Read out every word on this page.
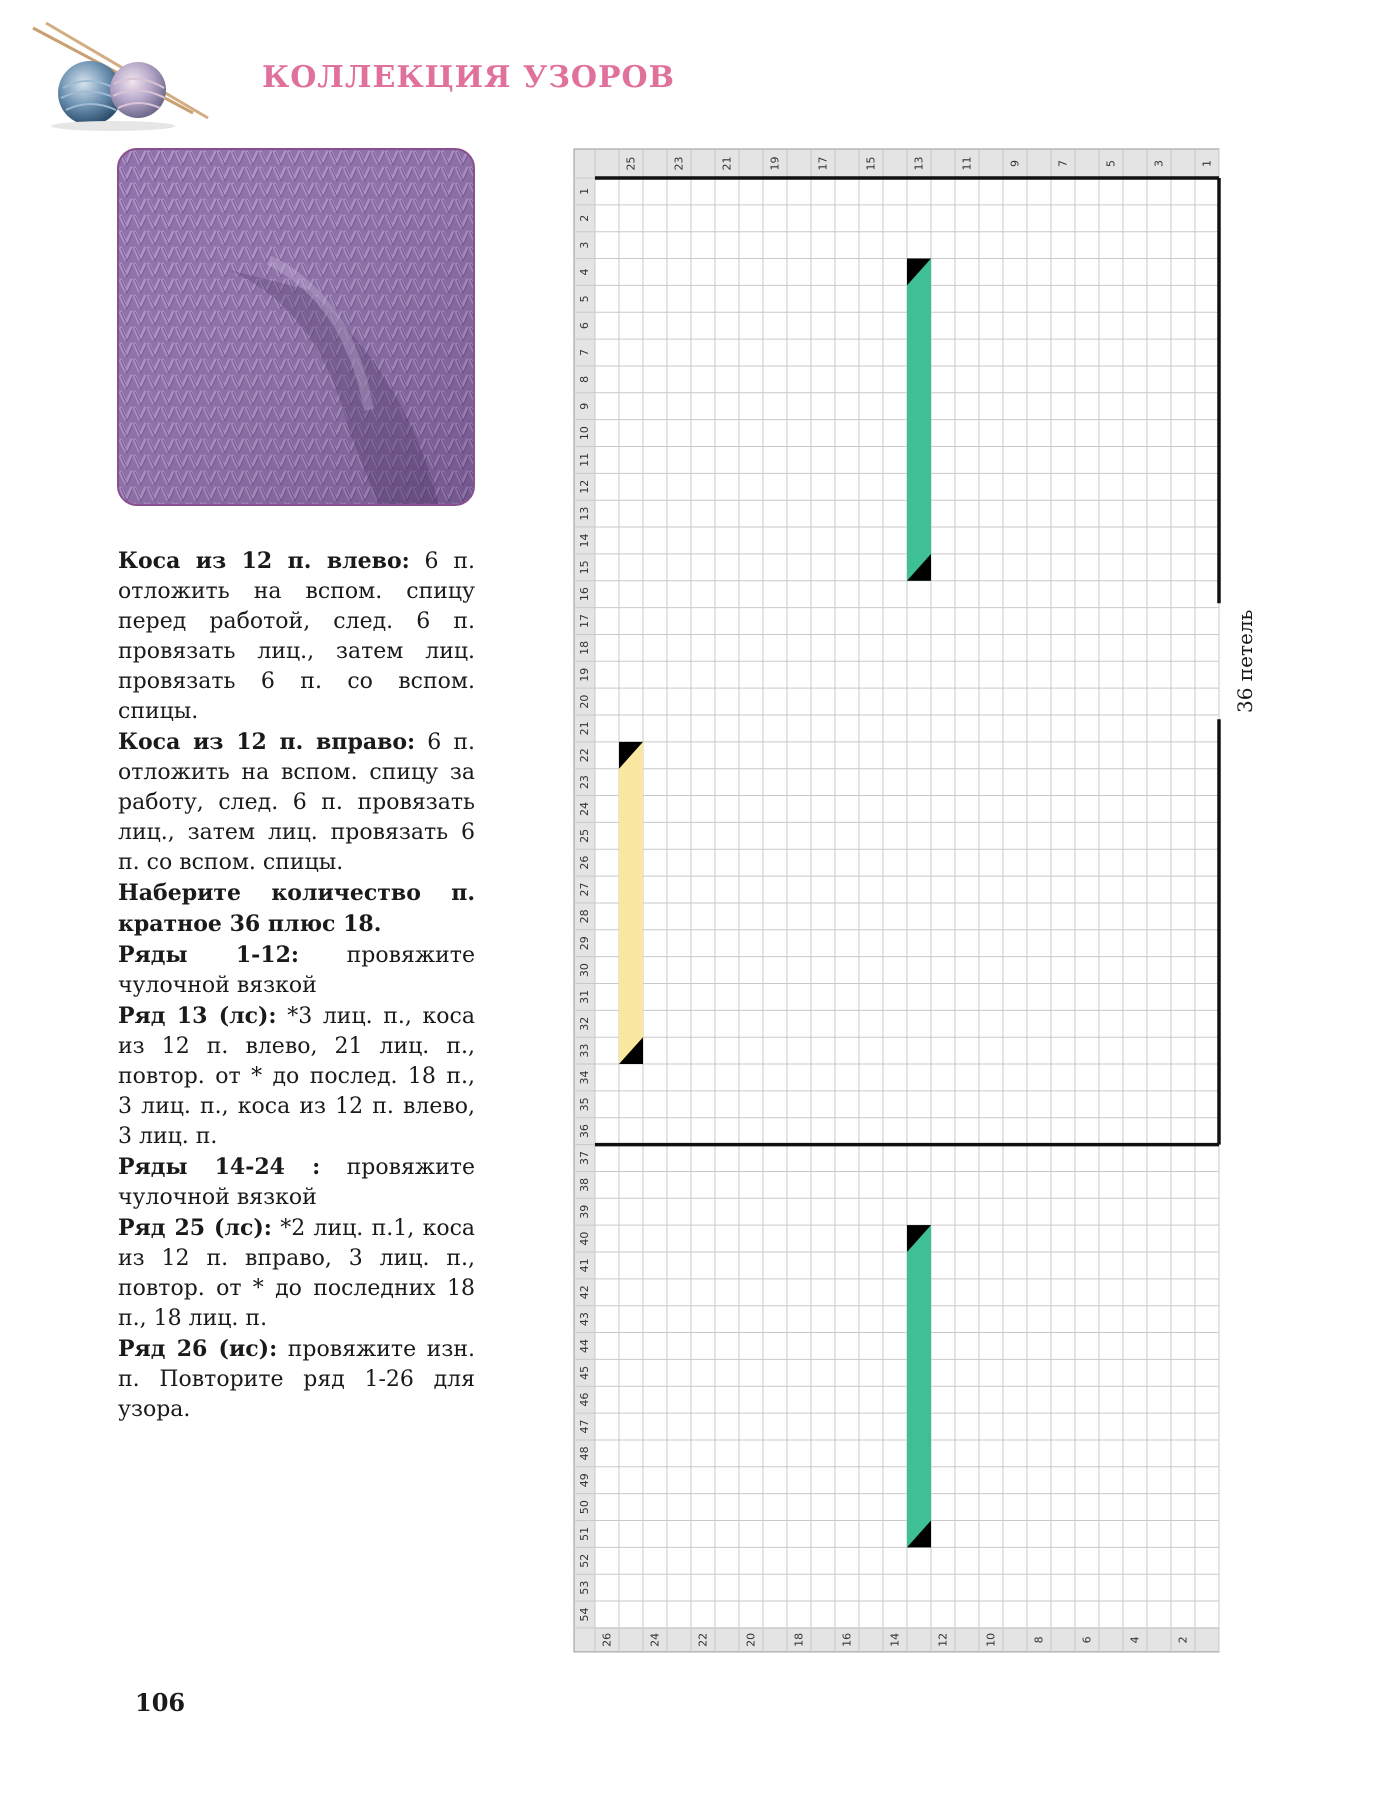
КОЛЛЕКЦИЯ УЗОРОВ

Коса из 12 п. влево: 6 п. отложить на вспом. спицу перед работой, след. 6 п. провязать лиц., затем лиц. провязать 6 п. со вспом. спицы.

Коса из 12 п. вправо: 6 п. отложить на вспом. спицу за работу, след. 6 п. провязать лиц., затем лиц. провязать 6 п. со вспом. спицы.

Наберите количество п. кратное 36 плюс 18.

Ряды 1-12: провяжите чулочной вязкой

Ряд 13 (лс): *3 лиц. п., коса из 12 п. влево, 21 лиц. п., повтор. от * до послед. 18 п., 3 лиц. п., коса из 12 п. влево, 3 лиц. п.

Ряды 14-24 : провяжите чулочной вязкой

Ряд 25 (лс): *2 лиц. п.1, коса из 12 п. вправо, 3 лиц. п., повтор. от * до последних 18 п., 18 лиц. п.

Ряд 26 (ис): провяжите изн. п. Повторите ряд 1-26 для узора.

106
25	23	21	19	17	15	13	11	9	7	5	3	1
26	24	22	20	18	16	14	12	10	8	6	4	2
1
2
3
4
5
6
7
8
9
10
11
12
13
14
15
16
17
18
19
20
21
22
23
24
25
26
27
28
29
30
31
32
33
34
35
36
37
38
39
40
41
42
43
44
45
46
47
48
49
50
51
52
53
54
36 петель
